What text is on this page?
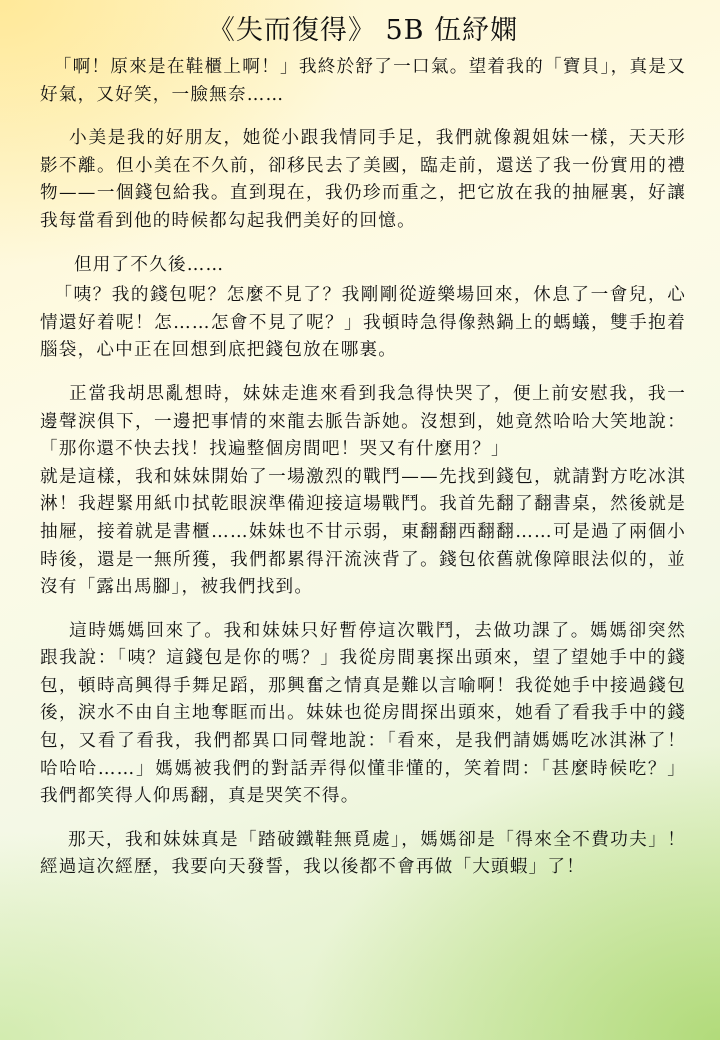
《失而復得》 5B 伍紓嫻

「啊！原來是在鞋櫃上啊！」我終於舒了一口氣。望着我的「寶貝」，真是又好氣，又好笑，一臉無奈……

小美是我的好朋友，她從小跟我情同手足，我們就像親姐妹一樣，天天形影不離。但小美在不久前，卻移民去了美國，臨走前，還送了我一份實用的禮物——一個錢包給我。直到現在，我仍珍而重之，把它放在我的抽屜裏，好讓我每當看到他的時候都勾起我們美好的回憶。

但用了不久後……

「咦？我的錢包呢？怎麼不見了？我剛剛從遊樂場回來，休息了一會兒，心情還好着呢！怎……怎會不見了呢？」我頓時急得像熱鍋上的螞蟻，雙手抱着腦袋，心中正在回想到底把錢包放在哪裏。

正當我胡思亂想時，妹妹走進來看到我急得快哭了，便上前安慰我，我一邊聲淚俱下，一邊把事情的來龍去脈告訴她。沒想到，她竟然哈哈大笑地說：「那你還不快去找！找遍整個房間吧！哭又有什麼用？」

就是這樣，我和妹妹開始了一場激烈的戰鬥——先找到錢包，就請對方吃冰淇淋！我趕緊用紙巾拭乾眼淚準備迎接這場戰鬥。我首先翻了翻書桌，然後就是抽屜，接着就是書櫃……妹妹也不甘示弱，東翻翻西翻翻……可是過了兩個小時後，還是一無所獲，我們都累得汗流浹背了。錢包依舊就像障眼法似的，並沒有「露出馬腳」，被我們找到。

這時媽媽回來了。我和妹妹只好暫停這次戰鬥，去做功課了。媽媽卻突然跟我說：「咦？這錢包是你的嗎？」我從房間裏探出頭來，望了望她手中的錢包，頓時高興得手舞足蹈，那興奮之情真是難以言喻啊！我從她手中接過錢包後，淚水不由自主地奪眶而出。妹妹也從房間探出頭來，她看了看我手中的錢包，又看了看我，我們都異口同聲地說：「看來，是我們請媽媽吃冰淇淋了！哈哈哈……」媽媽被我們的對話弄得似懂非懂的，笑着問：「甚麼時候吃？」我們都笑得人仰馬翻，真是哭笑不得。

那天，我和妹妹真是「踏破鐵鞋無覓處」，媽媽卻是「得來全不費功夫」！經過這次經歷，我要向天發誓，我以後都不會再做「大頭蝦」了！
